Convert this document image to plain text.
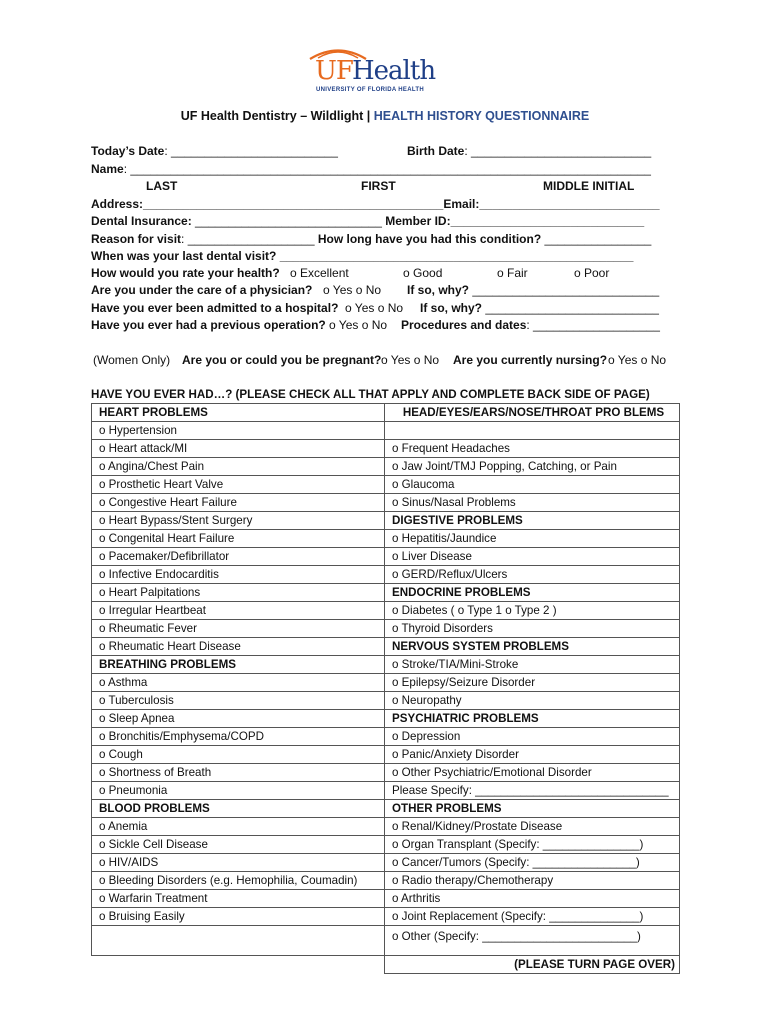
UF Health
UNIVERSITY OF FLORIDA HEALTH
UF Health Dentistry – Wildlight | HEALTH HISTORY QUESTIONNAIRE
Today’s Date: _________________________	Birth Date: ___________________________
Name: ______________________________________________________________________________
LAST	FIRST	MIDDLE INITIAL
Address:_____________________________________________Email:___________________________
Dental Insurance: ____________________________ Member ID:_____________________________
Reason for visit: ___________________ How long have you had this condition? ________________
When was your last dental visit? _____________________________________________________
How would you rate your health? o Excellent	o Good	o Fair	o Poor
Are you under the care of a physician? o Yes o No If so, why? ____________________________
Have you ever been admitted to a hospital? o Yes o No If so, why? __________________________
Have you ever had a previous operation? o Yes o No Procedures and dates: ___________________
(Women Only) Are you or could you be pregnant? o Yes o No Are you currently nursing? o Yes o No
HAVE YOU EVER HAD…? (PLEASE CHECK ALL THAT APPLY AND COMPLETE BACK SIDE OF PAGE)
HEART PROBLEMS	HEAD/EYES/EARS/NOSE/THROAT PRO BLEMS
o Hypertension	
o Heart attack/MI	o Frequent Headaches
o Angina/Chest Pain	o Jaw Joint/TMJ Popping, Catching, or Pain
o Prosthetic Heart Valve	o Glaucoma
o Congestive Heart Failure	o Sinus/Nasal Problems
o Heart Bypass/Stent Surgery	DIGESTIVE PROBLEMS
o Congenital Heart Failure	o Hepatitis/Jaundice
o Pacemaker/Defibrillator	o Liver Disease
o Infective Endocarditis	o GERD/Reflux/Ulcers
o Heart Palpitations	ENDOCRINE PROBLEMS
o Irregular Heartbeat	o Diabetes ( o Type 1 o Type 2 )
o Rheumatic Fever	o Thyroid Disorders
o Rheumatic Heart Disease	NERVOUS SYSTEM PROBLEMS
BREATHING PROBLEMS	o Stroke/TIA/Mini-Stroke
o Asthma	o Epilepsy/Seizure Disorder
o Tuberculosis	o Neuropathy
o Sleep Apnea	PSYCHIATRIC PROBLEMS
o Bronchitis/Emphysema/COPD	o Depression
o Cough	o Panic/Anxiety Disorder
o Shortness of Breath	o Other Psychiatric/Emotional Disorder
o Pneumonia	Please Specify: ______________________________
BLOOD PROBLEMS	OTHER PROBLEMS
o Anemia	o Renal/Kidney/Prostate Disease
o Sickle Cell Disease	o Organ Transplant (Specify: _______________)
o HIV/AIDS	o Cancer/Tumors (Specify: ________________)
o Bleeding Disorders (e.g. Hemophilia, Coumadin)	o Radio therapy/Chemotherapy
o Warfarin Treatment	o Arthritis
o Bruising Easily	o Joint Replacement (Specify: ______________)
	o Other (Specify: ________________________)
	(PLEASE TURN PAGE OVER)
